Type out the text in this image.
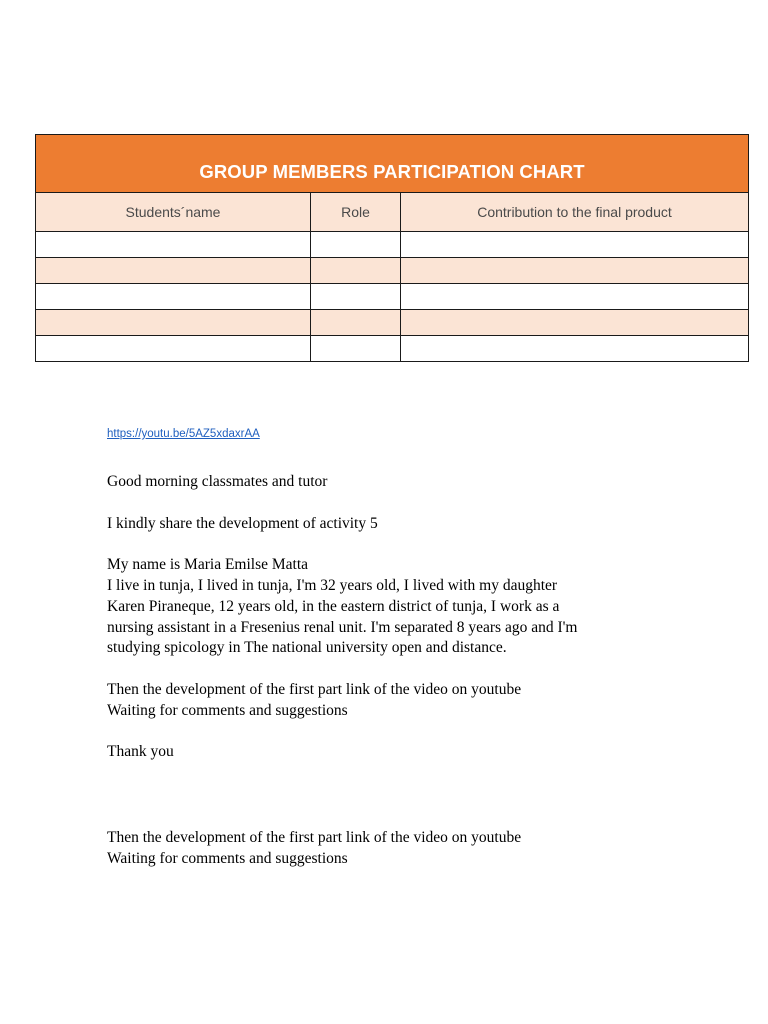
GROUP MEMBERS PARTICIPATION CHART		
Students´name	Role	Contribution to the final product

https://youtu.be/5AZ5xdaxrAA

Good morning classmates and tutor

I kindly share the development of activity 5

My name is Maria Emilse Matta

I live in tunja, I lived in tunja, I'm 32 years old, I lived with my daughter

Karen Piraneque, 12 years old, in the eastern district of tunja, I work as a

nursing assistant in a Fresenius renal unit. I'm separated 8 years ago and I'm

studying spicology in The national university open and distance.

Then the development of the first part link of the video on youtube

Waiting for comments and suggestions

Thank you

Then the development of the first part link of the video on youtube

Waiting for comments and suggestions
